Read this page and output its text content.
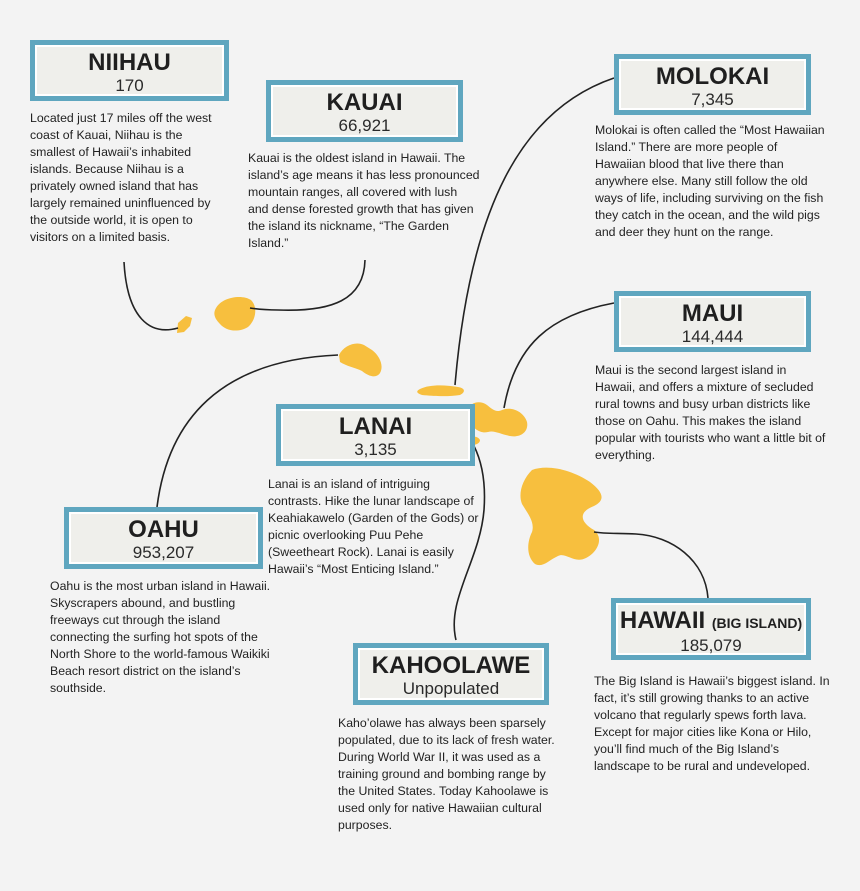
NIIHAU
170

Located just 17 miles off the west coast of Kauai, Niihau is the smallest of Hawaii’s inhabited islands. Because Niihau is a privately owned island that has largely remained uninfluenced by the outside world, it is open to visitors on a limited basis.

KAUAI
66,921

Kauai is the oldest island in Hawaii. The island’s age means it has less pronounced mountain ranges, all covered with lush and dense forested growth that has given the island its nickname, “The Garden Island.”

MOLOKAI
7,345

Molokai is often called the “Most Hawaiian Island.” There are more people of Hawaiian blood that live there than anywhere else. Many still follow the old ways of life, including surviving on the fish they catch in the ocean, and the wild pigs and deer they hunt on the range.

MAUI
144,444

Maui is the second largest island in Hawaii, and offers a mixture of secluded rural towns and busy urban districts like those on Oahu. This makes the island popular with tourists who want a little bit of everything.

LANAI
3,135

Lanai is an island of intriguing contrasts. Hike the lunar landscape of Keahiakawelo (Garden of the Gods) or picnic overlooking Puu Pehe (Sweetheart Rock). Lanai is easily Hawaii’s “Most Enticing Island.”

OAHU
953,207

Oahu is the most urban island in Hawaii. Skyscrapers abound, and bustling freeways cut through the island connecting the surfing hot spots of the North Shore to the world-famous Waikiki Beach resort district on the island’s southside.

KAHOOLAWE
Unpopulated

Kaho’olawe has always been sparsely populated, due to its lack of fresh water. During World War II, it was used as a training ground and bombing range by the United States. Today Kahoolawe is used only for native Hawaiian cultural purposes.

HAWAII (BIG ISLAND)
185,079

The Big Island is Hawaii’s biggest island. In fact, it’s still growing thanks to an active volcano that regularly spews forth lava. Except for major cities like Kona or Hilo, you’ll find much of the Big Island’s landscape to be rural and undeveloped.
